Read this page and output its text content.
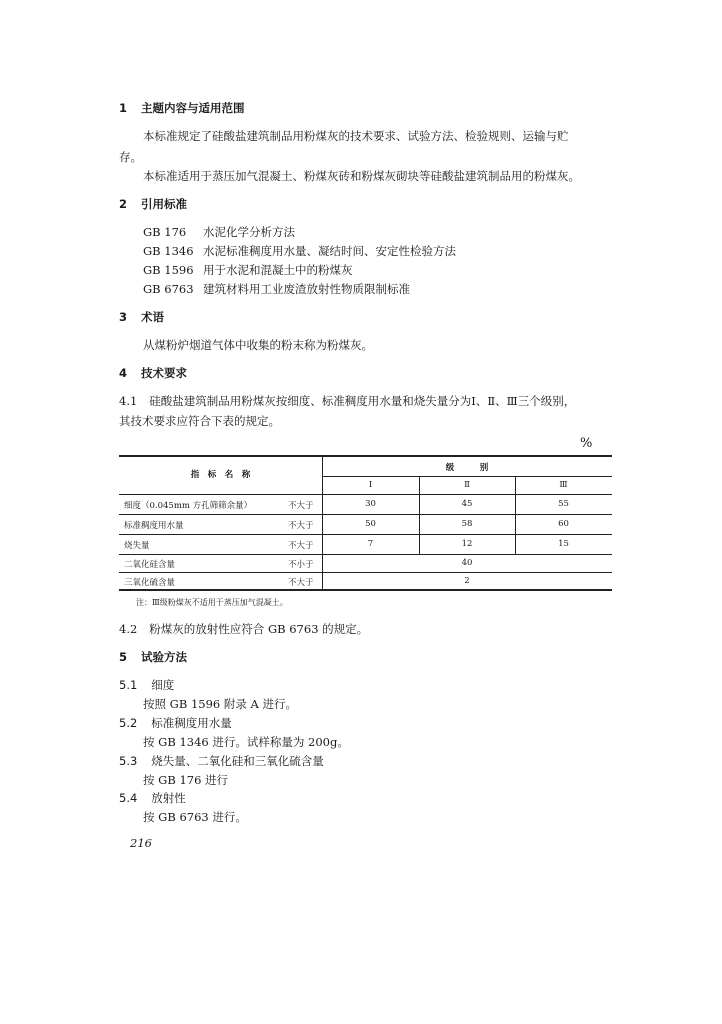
1 主题内容与适用范围
本标准规定了硅酸盐建筑制品用粉煤灰的技术要求、试验方法、检验规则、运输与贮
存。
本标准适用于蒸压加气混凝土、粉煤灰砖和粉煤灰砌块等硅酸盐建筑制品用的粉煤灰。
2 引用标准
GB 176 水泥化学分析方法
GB 1346 水泥标准稠度用水量、凝结时间、安定性检验方法
GB 1596 用于水泥和混凝土中的粉煤灰
GB 6763 建筑材料用工业废渣放射性物质限制标准
3 术语
从煤粉炉烟道气体中收集的粉末称为粉煤灰。
4 技术要求
4.1 硅酸盐建筑制品用粉煤灰按细度、标准稠度用水量和烧失量分为Ⅰ、Ⅱ、Ⅲ三个级别，
其技术要求应符合下表的规定。
%
指　标　名　称
级　　　别
Ⅰ	Ⅱ	Ⅲ
细度（0.045mm 方孔筛筛余量）	不大于	30	45	55
标准稠度用水量	不大于	50	58	60
烧失量	不大于	7	12	15
二氧化硅含量	不小于	40
三氧化硫含量	不大于	2
注：Ⅲ级粉煤灰不适用于蒸压加气混凝土。
4.2 粉煤灰的放射性应符合 GB 6763 的规定。
5 试验方法
5.1 细度
按照 GB 1596 附录 A 进行。
5.2 标准稠度用水量
按 GB 1346 进行。试样称量为 200g。
5.3 烧失量、二氧化硅和三氧化硫含量
按 GB 176 进行
5.4 放射性
按 GB 6763 进行。
216
